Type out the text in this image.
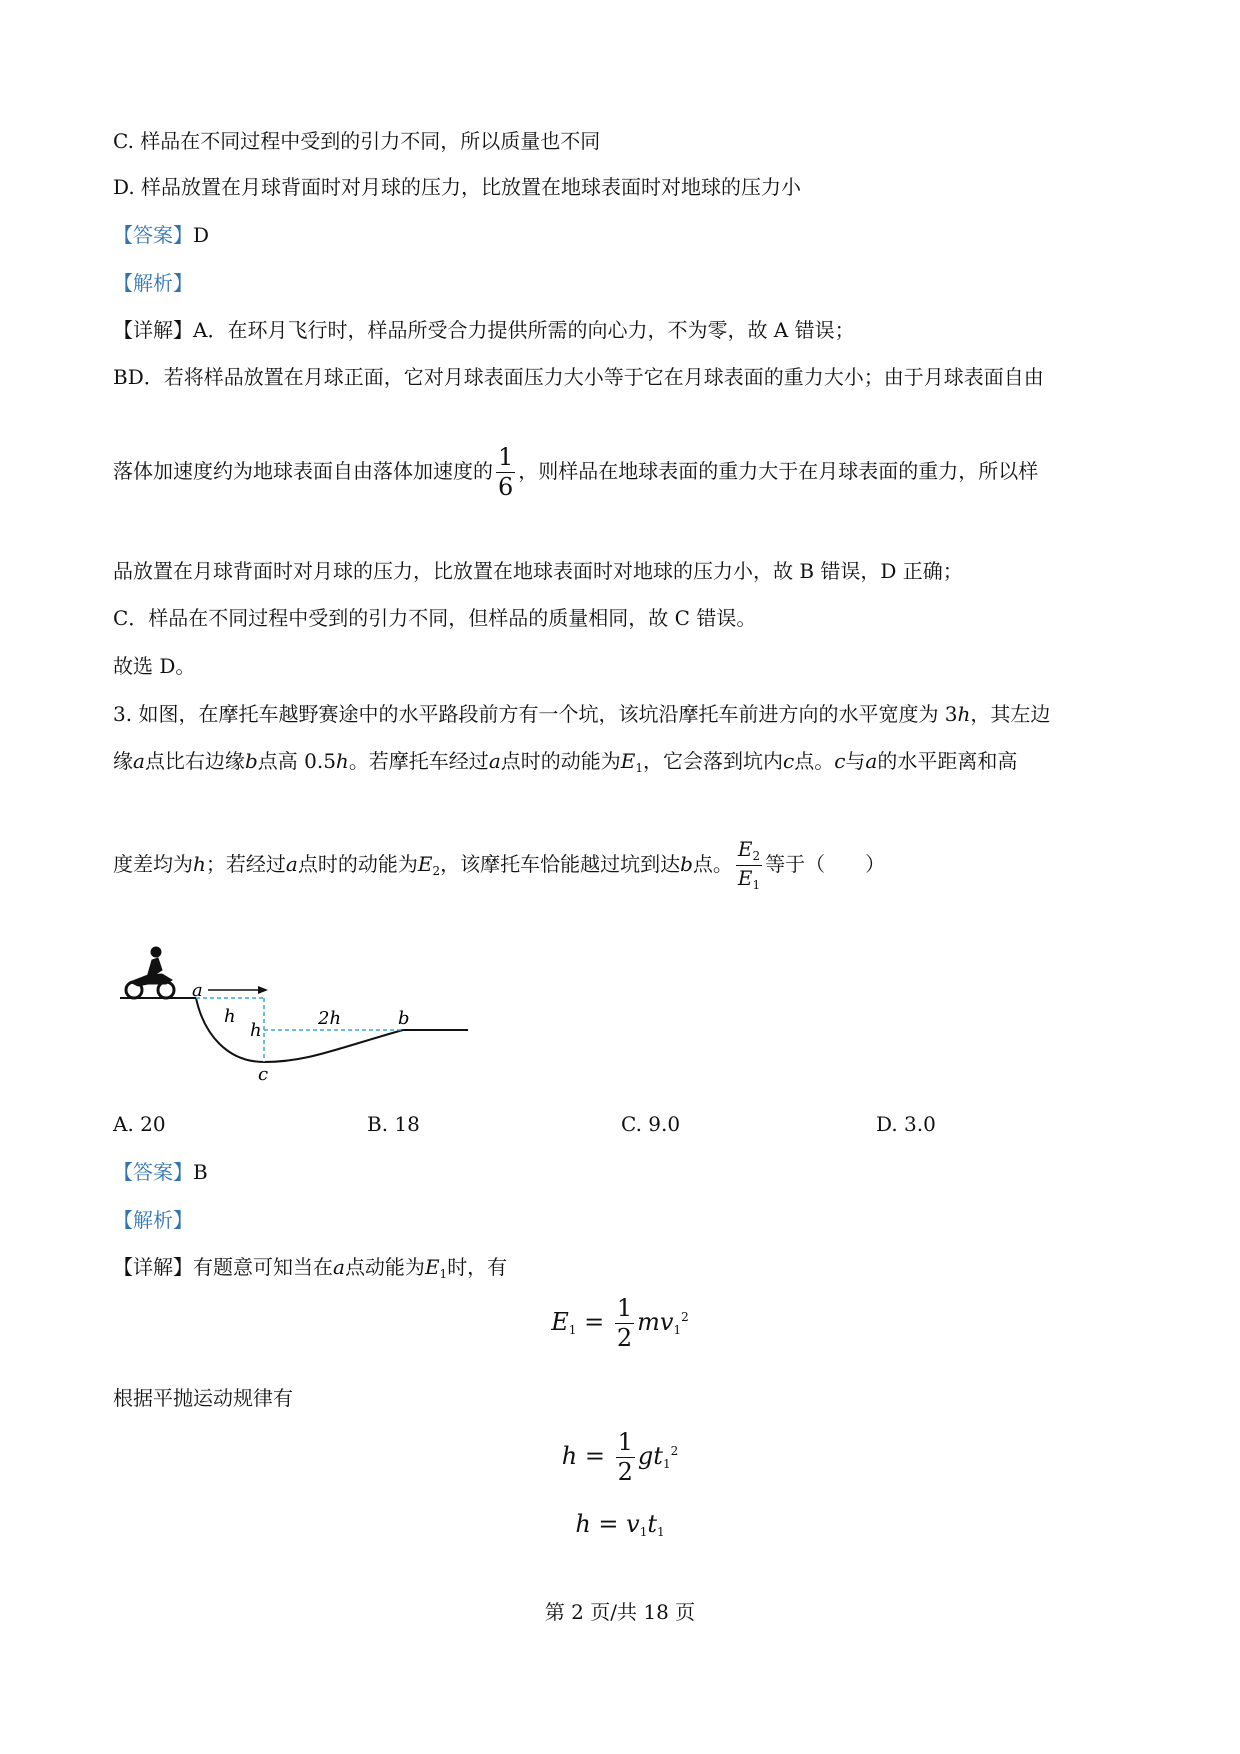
C. 样品在不同过程中受到的引力不同，所以质量也不同
D. 样品放置在月球背面时对月球的压力，比放置在地球表面时对地球的压力小
【答案】D
【解析】
【详解】A．在环月飞行时，样品所受合力提供所需的向心力，不为零，故 A 错误；
BD．若将样品放置在月球正面，它对月球表面压力大小等于它在月球表面的重力大小；由于月球表面自由
落体加速度约为地球表面自由落体加速度的 $\frac{1}{6}$ ，则样品在地球表面的重力大于在月球表面的重力，所以样
品放置在月球背面时对月球的压力，比放置在地球表面时对地球的压力小，故 B 错误，D 正确；
C．样品在不同过程中受到的引力不同，但样品的质量相同，故 C 错误。
故选 D。
3. 如图，在摩托车越野赛途中的水平路段前方有一个坑，该坑沿摩托车前进方向的水平宽度为 3h，其左边
缘a点比右边缘b点高 0.5h。若摩托车经过a点时的动能为$E_1$，它会落到坑内c点。c与a的水平距离和高
度差均为h；若经过a点时的动能为$E_2$，该摩托车恰能越过坑到达b点。 $\frac{E_2}{E_1}$ 等于（　　）
a
h
h
2h	b
c
A. 20	B. 18	C. 9.0	D. 3.0
【答案】B
【解析】
【详解】有题意可知当在a点动能为$E_1$时，有
$E_1 = \frac{1}{2} mv_1^2$
根据平抛运动规律有
$h = \frac{1}{2} gt_1^2$
$h = v_1t_1$
第 2 页/共 18 页
